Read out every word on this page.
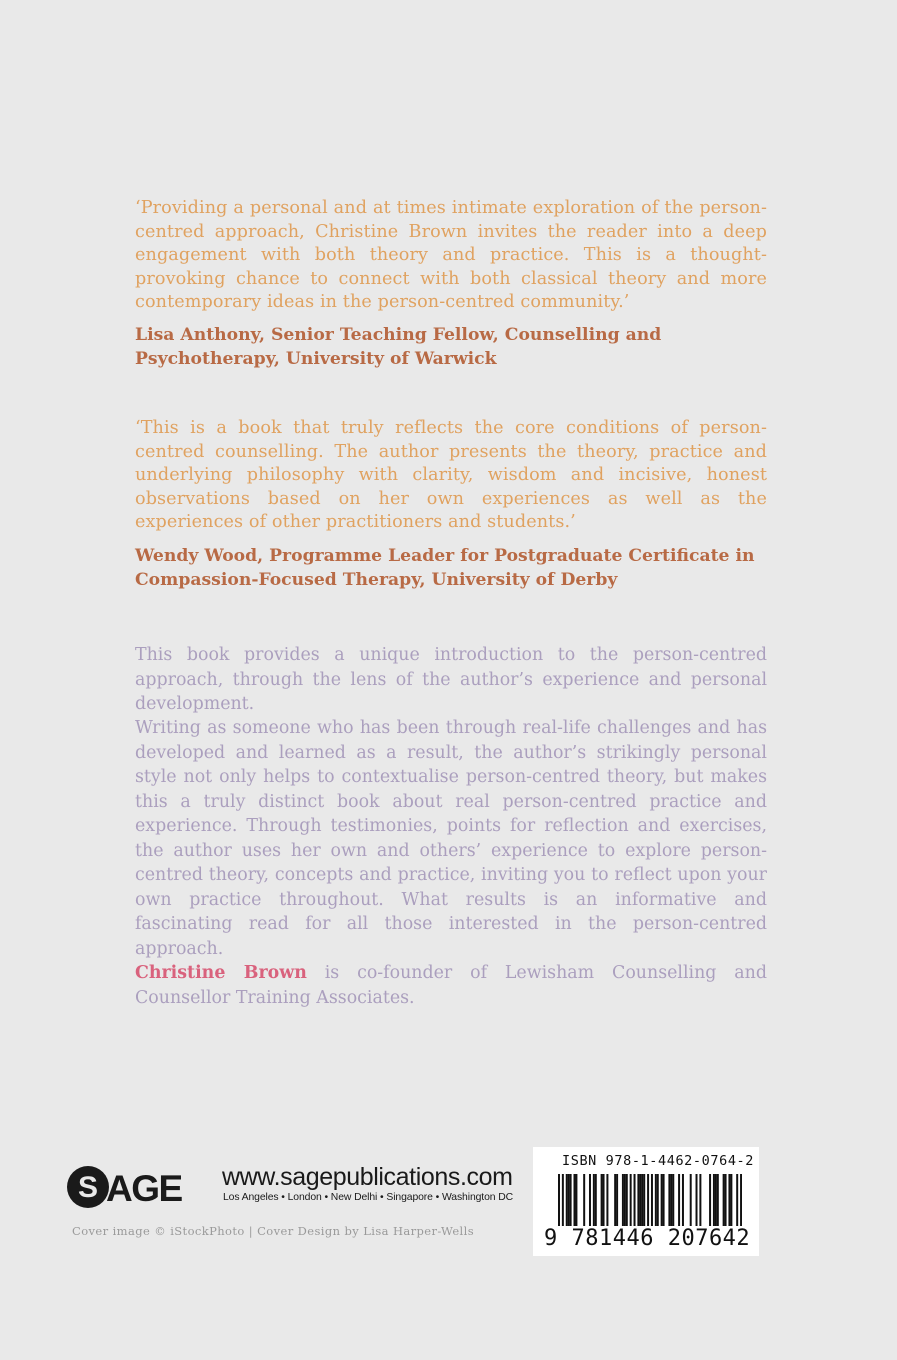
‘Providing a personal and at times intimate exploration of the person-centred approach, Christine Brown invites the reader into a deep engagement with both theory and practice. This is a thought-provoking chance to connect with both classical theory and more contemporary ideas in the person-centred community.’

Lisa Anthony, Senior Teaching Fellow, Counselling and Psychotherapy, University of Warwick

‘This is a book that truly reflects the core conditions of person-centred counselling. The author presents the theory, practice and underlying philosophy with clarity, wisdom and incisive, honest observations based on her own experiences as well as the experiences of other practitioners and students.’

Wendy Wood, Programme Leader for Postgraduate Certificate in Compassion-Focused Therapy, University of Derby

This book provides a unique introduction to the person-centred approach, through the lens of the author’s experience and personal development.

Writing as someone who has been through real-life challenges and has developed and learned as a result, the author’s strikingly personal style not only helps to contextualise person-centred theory, but makes this a truly distinct book about real person-centred practice and experience. Through testimonies, points for reflection and exercises, the author uses her own and others’ experience to explore person-centred theory, concepts and practice, inviting you to reflect upon your own practice throughout. What results is an informative and fascinating read for all those interested in the person-centred approach.

Christine Brown is co-founder of Lewisham Counselling and Counsellor Training Associates.

S AGE www.sagepublications.com

Los Angeles • London • New Delhi • Singapore • Washington DC

Cover image © iStockPhoto | Cover Design by Lisa Harper-Wells

ISBN 978-1-4462-0764-2

9 781446 207642
